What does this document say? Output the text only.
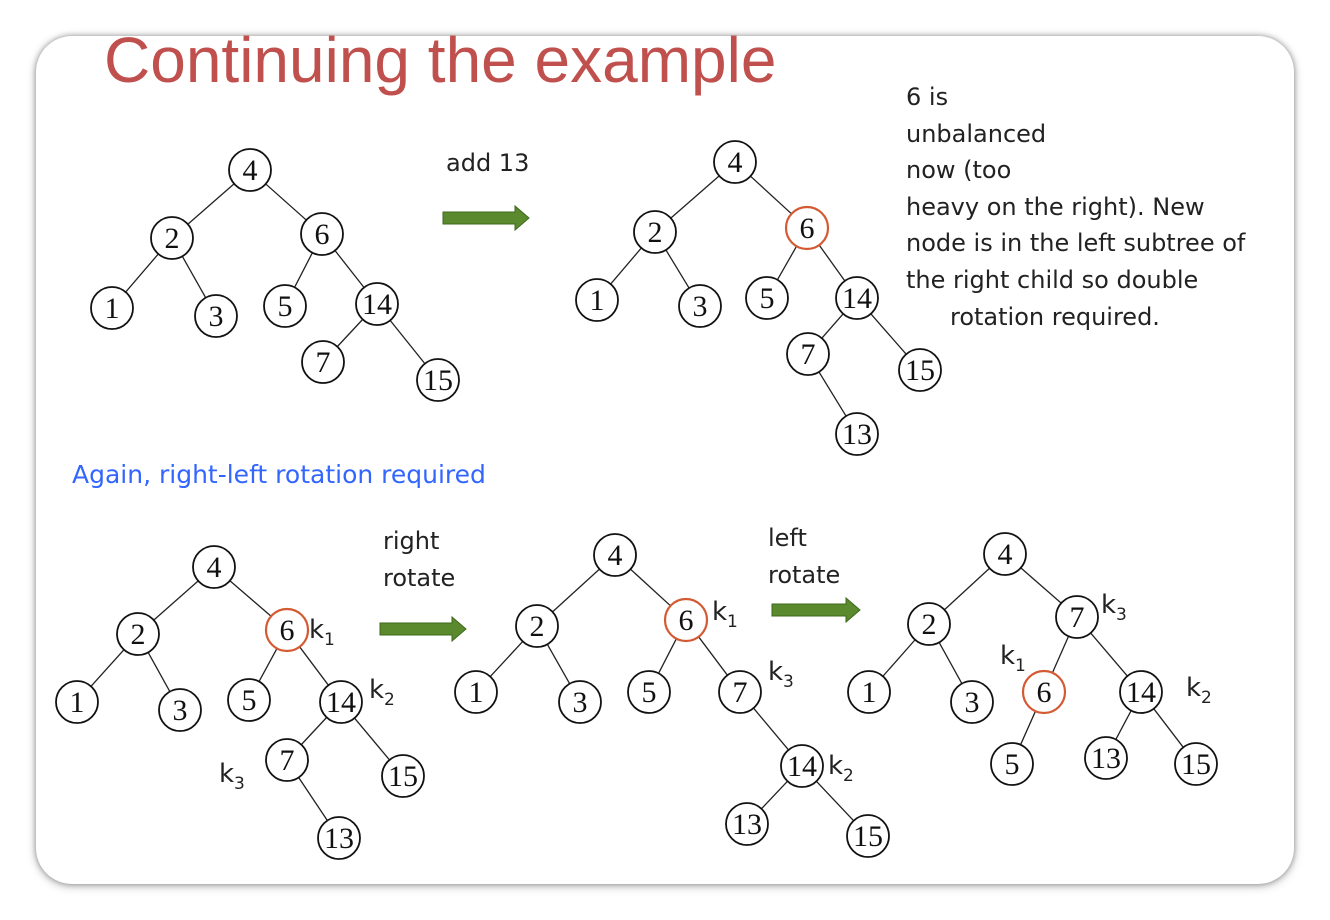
Continuing the example
add 13
6 is
unbalanced
now (too
heavy on the right). New
node is in the left subtree of
the right child so double
rotation required.
Again, right-left rotation required
right
rotate
left
rotate
4
2	6
1	3 5 14
7
15
4
2	6
1	3 5 14
7	15
13
4
2	6 k 1
1	3 5 14 k 2
7
k 3	15
13
4
2	6 k 1
1	3 5	7
k 3
14 k 2
13	15
4
2	7 k 3
1	3 6
k 1
14 k 2
5 13 15
